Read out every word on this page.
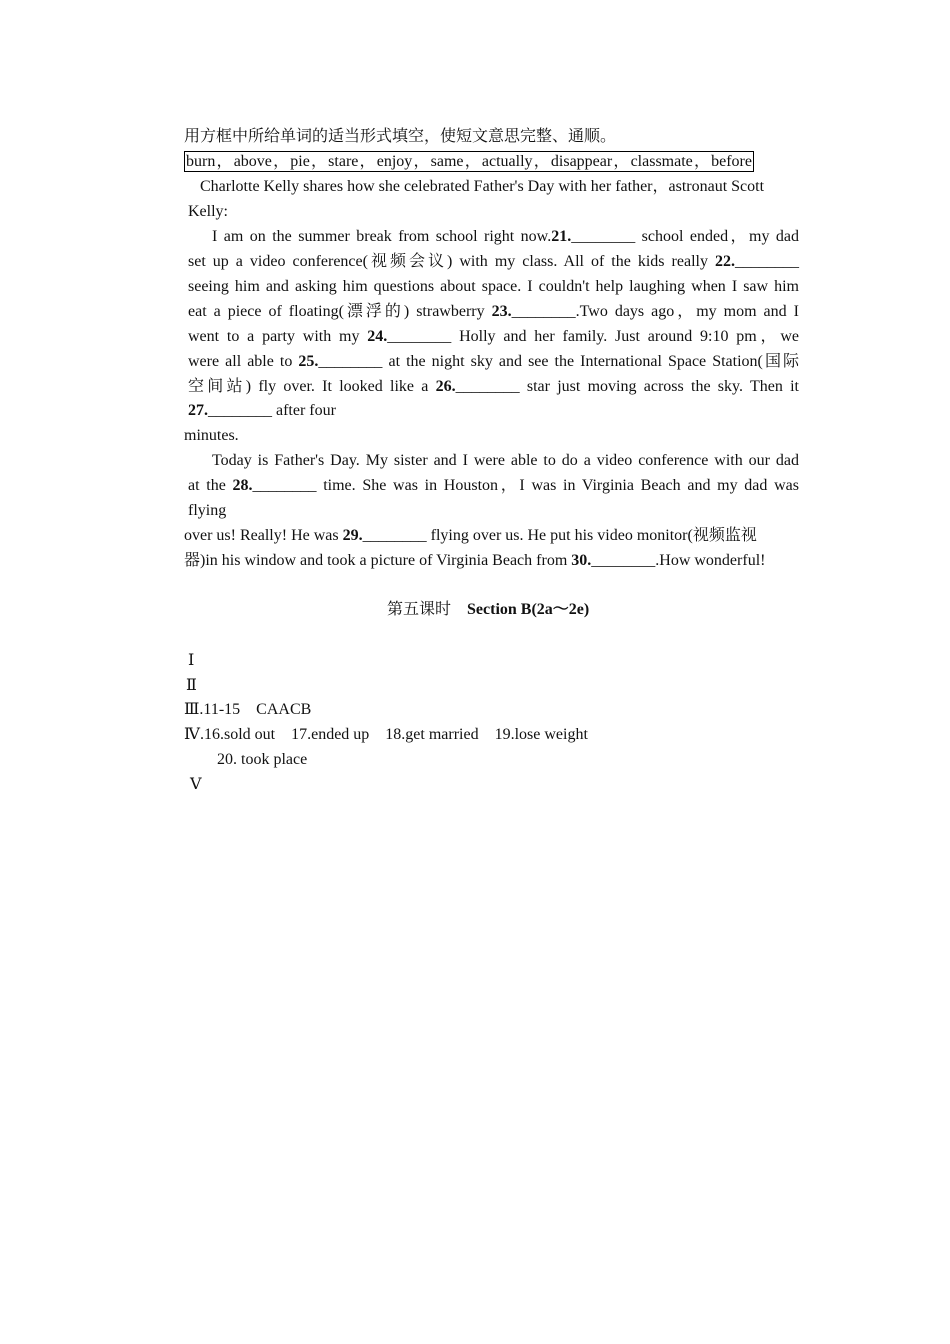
用方框中所给单词的适当形式填空，使短文意思完整、通顺。
burn，above，pie，stare，enjoy，same，actually，disappear，classmate，before
Charlotte Kelly shares how she celebrated Father's Day with her father，astronaut Scott
Kelly:
I am on the summer break from school right now.21.________ school ended，my dad
set up a video conference(视频会议) with my class. All of the kids really 22.________
seeing him and asking him questions about space. I couldn't help laughing when I saw him
eat a piece of floating(漂浮的) strawberry 23.________.Two days ago，my mom and I
went to a party with my 24.________ Holly and her family. Just around 9:10 pm，we
were all able to 25.________ at the night sky and see the International Space Station(国际
空间站) fly over. It looked like a 26.________ star just moving across the sky. Then it
27.________ after four
minutes.
Today is Father's Day. My sister and I were able to do a video conference with our dad
at the 28.________ time. She was in Houston，I was in Virginia Beach and my dad was
flying
over us! Really! He was 29.________ flying over us. He put his video monitor(视频监视
器)in his window and took a picture of Virginia Beach from 30.________.How wonderful!
第五课时 Section B(2a～2e)
Ⅰ
Ⅱ
Ⅲ.11-15　CAACB
Ⅳ.16.sold out　17.ended up　18.get married　19.lose weight
20. took place
Ⅴ
